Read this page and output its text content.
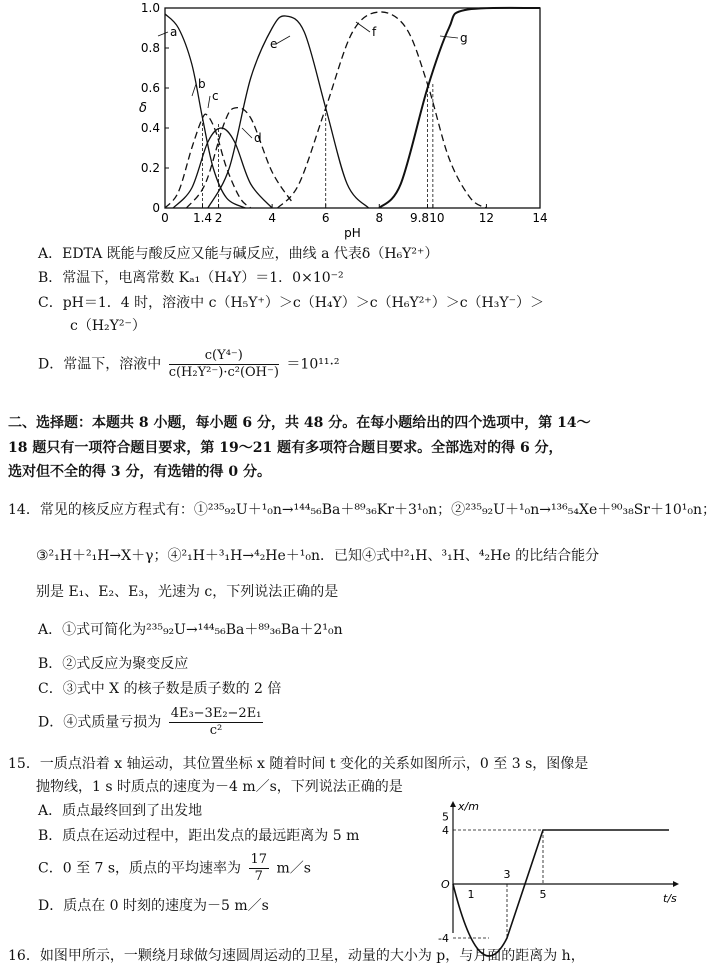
0
0.2
0.4
0.6
0.8
1.0
0 1.4 2	4	6	8 9.8 10	12	14
pH
δ
a
b
c
d
e
f	g
A．EDTA 既能与酸反应又能与碱反应，曲线 a 代表δ（H₆Y²⁺）
B．常温下，电离常数 Kₐ₁（H₄Y）＝1．0×10⁻²
C．pH＝1．4 时，溶液中 c（H₅Y⁺）＞c（H₄Y）＞c（H₆Y²⁺）＞c（H₃Y⁻）＞
c（H₂Y²⁻）
D．常温下，溶液中 $\frac{\text{c(Y⁴⁻)}}{\text{c(H₂Y²⁻)·c²(OH⁻)}} =10^{11}\cdot^2$
二、选择题：本题共 8 小题，每小题 6 分，共 48 分。在每小题给出的四个选项中，第 14～
18 题只有一项符合题目要求，第 19～21 题有多项符合题目要求。全部选对的得 6 分，
选对但不全的得 3 分，有选错的得 0 分。
14．常见的核反应方程式有：①²³⁵₉₂U＋¹₀n→¹⁴⁴₅₆Ba＋⁸⁹₃₆Kr＋3¹₀n；②²³⁵₉₂U＋¹₀n→¹³⁶₅₄Xe＋⁹⁰₃₈Sr＋10¹₀n；
③²₁H＋²₁H→X＋γ；④²₁H＋³₁H→⁴₂He＋¹₀n．已知④式中²₁H、³₁H、⁴₂He 的比结合能分
别是 E₁、E₂、E₃，光速为 c，下列说法正确的是
A．①式可简化为²³⁵₉₂U→¹⁴⁴₅₆Ba＋⁸⁹₃₆Ba＋2¹₀n
B．②式反应为聚变反应
C．③式中 X 的核子数是质子数的 2 倍
D．④式质量亏损为 $\frac{\text{4E₃−3E₂−2E₁}}{\text{c²}}$
15．一质点沿着 x 轴运动，其位置坐标 x 随着时间 t 变化的关系如图所示，0 至 3 s，图像是
抛物线，1 s 时质点的速度为－4 m／s，下列说法正确的是
A．质点最终回到了出发地
B．质点在运动过程中，距出发点的最远距离为 5 m
C．0 至 7 s，质点的平均速率为 $\frac{17}{7}$ m／s
D．质点在 0 时刻的速度为－5 m／s
x/m
t/s
O
5
4
-4
1
3
5
16．如图甲所示，一颗绕月球做匀速圆周运动的卫星，动量的大小为 p，与月面的距离为 h，
